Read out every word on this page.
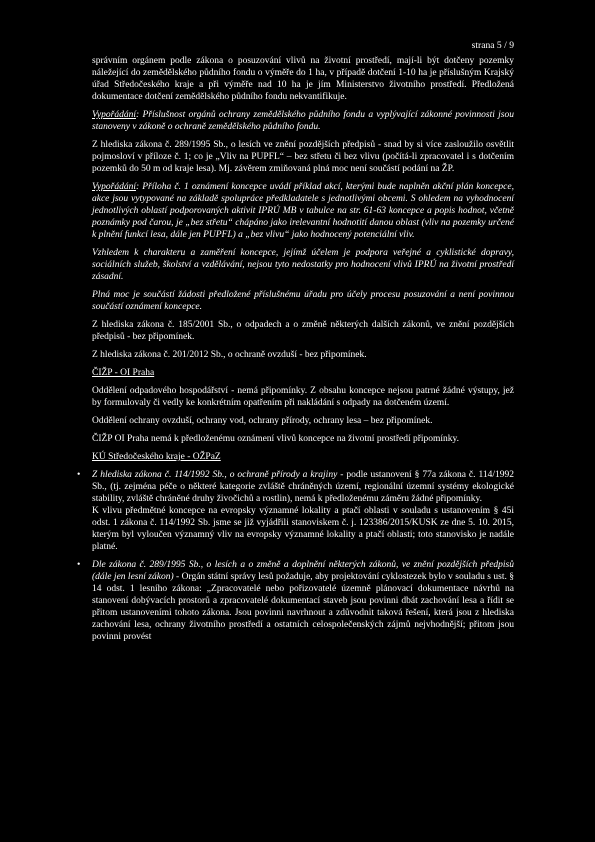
strana 5 / 9

správním orgánem podle zákona o posuzování vlivů na životní prostředí, mají-li být dotčeny pozemky náležející do zemědělského půdního fondu o výměře do 1 ha, v případě dotčení 1-10 ha je příslušným Krajský úřad Středočeského kraje a při výměře nad 10 ha je jím Ministerstvo životního prostředí. Předložená dokumentace dotčení zemědělského půdního fondu nekvantifikuje.

Vypořádání: Příslušnost orgánů ochrany zemědělského půdního fondu a vyplývající zákonné povinnosti jsou stanoveny v zákoně o ochraně zemědělského půdního fondu.

Z hlediska zákona č. 289/1995 Sb., o lesích ve znění pozdějších předpisů - snad by si více zasloužilo osvětlit pojmosloví v příloze č. 1; co je „Vliv na PUPFL“ – bez střetu či bez vlivu (počítá-li zpracovatel i s dotčením pozemků do 50 m od kraje lesa). Mj. závěrem zmiňovaná plná moc není součástí podání na ŽP.

Vypořádání: Příloha č. 1 oznámení koncepce uvádí příklad akcí, kterými bude naplněn akční plán koncepce, akce jsou vytypované na základě spolupráce předkladatele s jednotlivými obcemi. S ohledem na vyhodnocení jednotlivých oblastí podporovaných aktivit IPRÚ MB v tabulce na str. 61-63 koncepce a popis hodnot, včetně poznámky pod čarou, je „bez střetu“ chápáno jako irelevantní hodnotití danou oblast (vliv na pozemky určené k plnění funkcí lesa, dále jen PUPFL) a „bez vlivu“ jako hodnocený potenciální vliv.

Vzhledem k charakteru a zaměření koncepce, jejímž účelem je podpora veřejné a cyklistické dopravy, sociálních služeb, školství a vzdělávání, nejsou tyto nedostatky pro hodnocení vlivů IPRÚ na životní prostředí zásadní.

Plná moc je součástí žádosti předložené příslušnému úřadu pro účely procesu posuzování a není povinnou součástí oznámení koncepce.

Z hlediska zákona č. 185/2001 Sb., o odpadech a o změně některých dalších zákonů, ve znění pozdějších předpisů - bez připomínek.

Z hlediska zákona č. 201/2012 Sb., o ochraně ovzduší - bez připomínek.

ČIŽP - OI Praha

Oddělení odpadového hospodářství - nemá připomínky. Z obsahu koncepce nejsou patrné žádné výstupy, jež by formulovaly či vedly ke konkrétním opatřením při nakládání s odpady na dotčeném území.

Oddělení ochrany ovzduší, ochrany vod, ochrany přírody, ochrany lesa – bez připomínek.

ČIŽP OI Praha nemá k předloženému oznámení vlivů koncepce na životní prostředí připomínky.

KÚ Středočeského kraje - OŽPaZ

• Z hlediska zákona č. 114/1992 Sb., o ochraně přírody a krajiny - podle ustanovení § 77a zákona č. 114/1992 Sb., (tj. zejména péče o některé kategorie zvláště chráněných území, regionální územní systémy ekologické stability, zvláště chráněné druhy živočichů a rostlin), nemá k předloženému záměru žádné připomínky.

K vlivu předmětné koncepce na evropsky významné lokality a ptačí oblasti v souladu s ustanovením § 45i odst. 1 zákona č. 114/1992 Sb. jsme se již vyjádřili stanoviskem č. j. 123386/2015/KUSK ze dne 5. 10. 2015, kterým byl vyloučen významný vliv na evropsky významné lokality a ptačí oblasti; toto stanovisko je nadále platné.

• Dle zákona č. 289/1995 Sb., o lesích a o změně a doplnění některých zákonů, ve znění pozdějších předpisů (dále jen lesní zákon) - Orgán státní správy lesů požaduje, aby projektování cyklostezek bylo v souladu s ust. § 14 odst. 1 lesního zákona: „Zpracovatelé nebo pořizovatelé územně plánovací dokumentace návrhů na stanovení dobývacích prostorů a zpracovatelé dokumentací staveb jsou povinni dbát zachování lesa a řídit se přitom ustanoveními tohoto zákona. Jsou povinni navrhnout a zdůvodnit taková řešení, která jsou z hlediska zachování lesa, ochrany životního prostředí a ostatních celospolečenských zájmů nejvhodnější; přitom jsou povinni provést
